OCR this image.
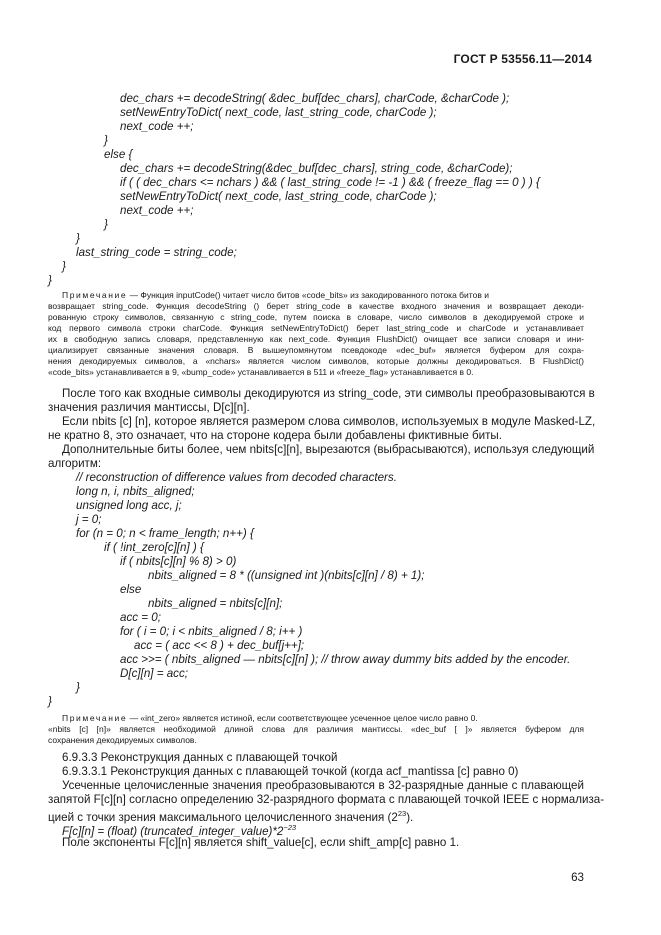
ГОСТ Р 53556.11—2014
dec_chars += decodeString( &dec_buf[dec_chars], charCode, &charCode );
setNewEntryToDict( next_code, last_string_code, charCode );
next_code ++;
}
else {
dec_chars += decodeString(&dec_buf[dec_chars], string_code, &charCode);
if ( ( dec_chars <= nchars ) && ( last_string_code != -1 ) && ( freeze_flag == 0 ) ) {
setNewEntryToDict( next_code, last_string_code, charCode );
next_code ++;
}
}
last_string_code = string_code;
}
}
Примечание — Функция inputCode() читает число битов «code_bits» из закодированного потока битов и
возвращает string_code. Функция decodeString () берет string_code в качестве входного значения и возвращает декоди-
рованную строку символов, связанную с string_code, путем поиска в словаре, число символов в декодируемой строке и
код первого символа строки charCode. Функция setNewEntryToDict() берет last_string_code и charCode и устанавливает
их в свободную запись словаря, представленную как next_code. Функция FlushDict() очищает все записи словаря и ини-
циализирует связанные значения словаря. В вышеупомянутом псевдокоде «dec_buf» является буфером для сохра-
нения декодируемых символов, а «nchars» является числом символов, которые должны декодироваться. В FlushDict()
«code_bits» устанавливается в 9, «bump_code» устанавливается в 511 и «freeze_flag» устанавливается в 0.
После того как входные символы декодируются из string_code, эти символы преобразовываются в
значения различия мантиссы, D[c][n].
Если nbits [c] [n], которое является размером слова символов, используемых в модуле Masked-LZ,
не кратно 8, это означает, что на стороне кодера были добавлены фиктивные биты.
Дополнительные биты более, чем nbits[c][n], вырезаются (выбрасываются), используя следующий
алгоритм:
// reconstruction of difference values from decoded characters.
long n, i, nbits_aligned;
unsigned long acc, j;
j = 0;
for (n = 0; n < frame_length; n++) {
if ( !int_zero[c][n] ) {
if ( nbits[c][n] % 8) > 0)
nbits_aligned = 8 * ((unsigned int )(nbits[c][n] / 8) + 1);
else
nbits_aligned = nbits[c][n];
acc = 0;
for ( i = 0; i < nbits_aligned / 8; i++ )
acc = ( acc << 8 ) + dec_buf[j++];
acc >>= ( nbits_aligned — nbits[c][n] ); // throw away dummy bits added by the encoder.
D[c][n] = acc;
}
}
Примечание — «int_zero» является истиной, если соответствующее усеченное целое число равно 0.
«nbits [c] [n]» является необходимой длиной слова для различия мантиссы. «dec_buf [ ]» является буфером для
сохранения декодируемых символов.
6.9.3.3 Реконструкция данных с плавающей точкой
6.9.3.3.1 Реконструкция данных с плавающей точкой (когда acf_mantissa [c] равно 0)
Усеченные целочисленные значения преобразовываются в 32-разрядные данные с плавающей
запятой F[c][n] согласно определению 32-разрядного формата с плавающей точкой IEEE с нормализа-
цией с точки зрения максимального целочисленного значения $(2^{23})$.
F[c][n] = (float) $(truncated\_integer\_value)*2^{-23}$
Поле экспоненты F[c][n] является shift_value[c], если shift_amp[c] равно 1.
63
